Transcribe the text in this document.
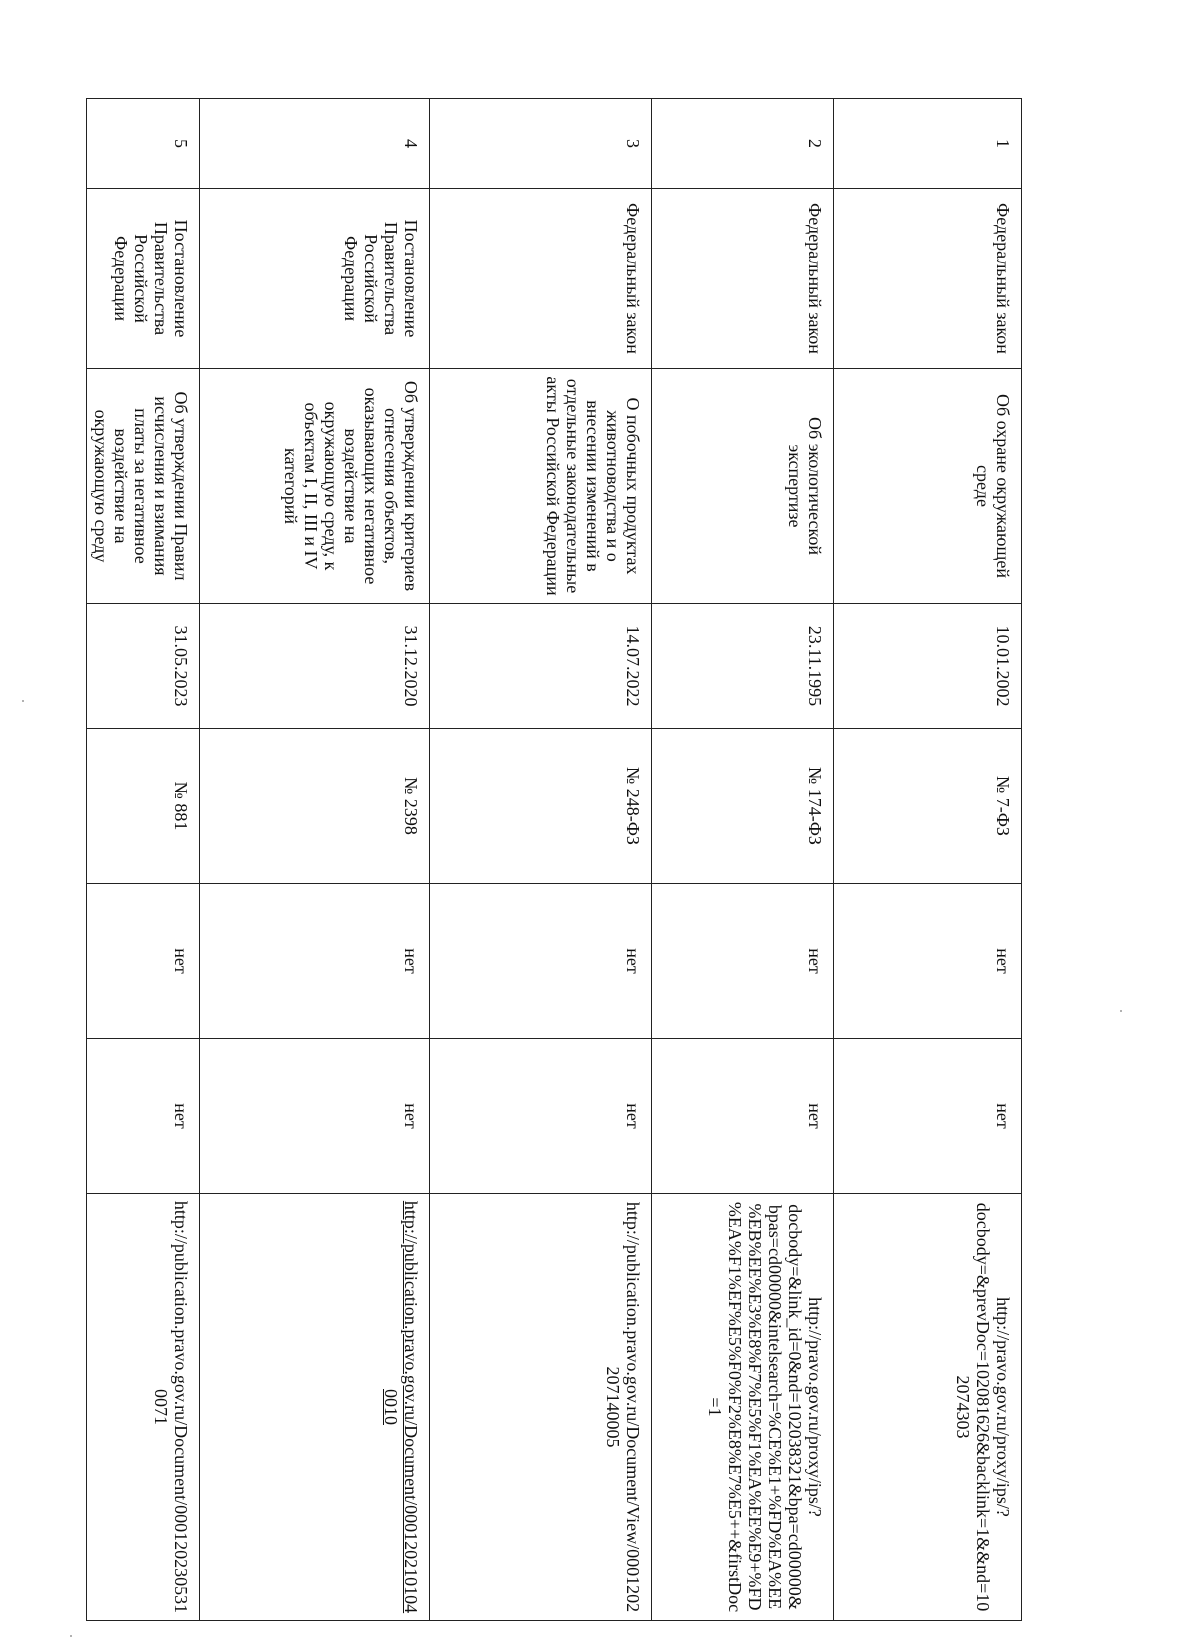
1	Федеральный закон	Об охране окружающей среде	10.01.2002	№ 7-ФЗ	нет	нет	http://pravo.gov.ru/proxy/ips/?docbody=&prevDoc=102081626&backlink=1&&nd=102074303
2	Федеральный закон	Об экологической экспертизе	23.11.1995	№ 174-ФЗ	нет	нет	http://pravo.gov.ru/proxy/ips/?docbody=&link_id=0&nd=102038321&bpa=cd00000&bpas=cd00000&intelsearch=%CE%E1+%FD%EA%EE%EB%EE%E3%E8%F7%E5%F1%EA%EE%E9+%FD%EA%F1%EF%E5%F0%F2%E8%E7%E5++&firstDoc=1
3	Федеральный закон	О побочных продуктах животноводства и о внесении изменений в отдельные законодательные акты Российской Федерации	14.07.2022	№ 248-ФЗ	нет	нет	http://publication.pravo.gov.ru/Document/View/0001202207140005
4	Постановление Правительства Российской Федерации	Об утверждении критериев отнесения объектов, оказывающих негативное воздействие на окружающую среду, к объектам I, II, III и IV категорий	31.12.2020	№ 2398	нет	нет	http://publication.pravo.gov.ru/Document/0001202101040010
5	Постановление Правительства Российской Федерации	Об утверждении Правил исчисления и взимания платы за негативное воздействие на окружающую среду	31.05.2023	№ 881	нет	нет	http://publication.pravo.gov.ru/Document/0001202305310071
